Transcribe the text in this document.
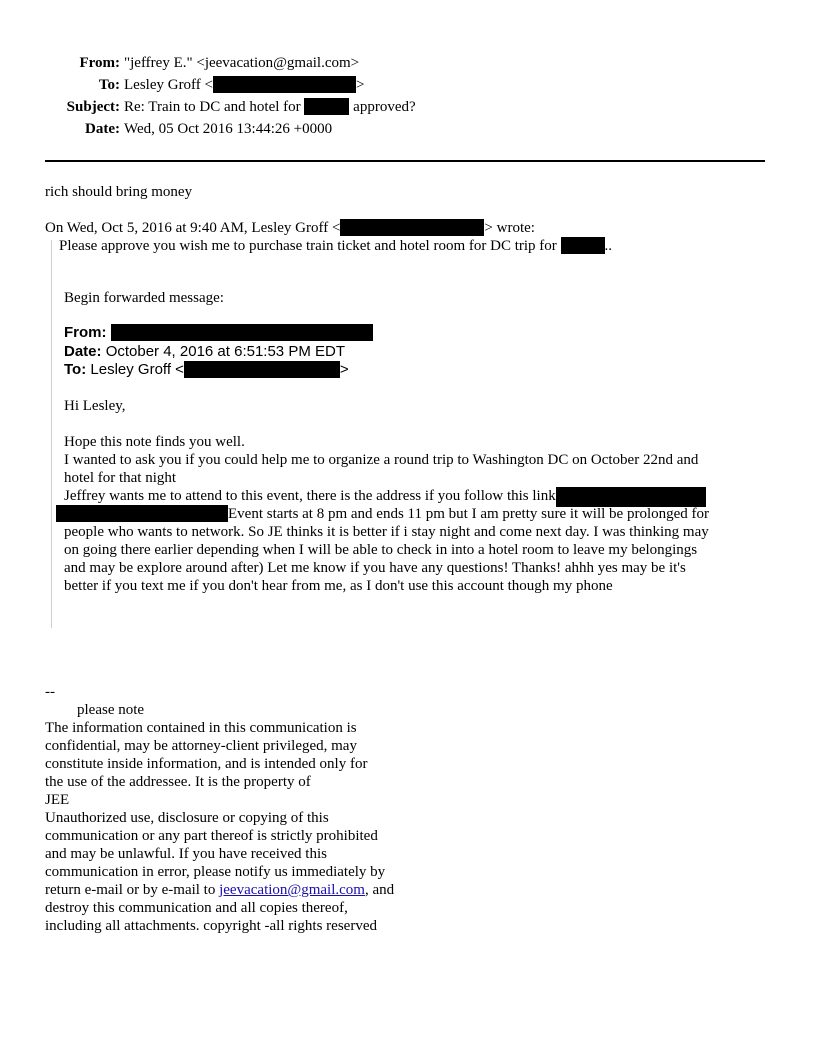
From: "jeffrey E." <jeevacation@gmail.com>
To: Lesley Groff <	>
Subject: Re: Train to DC and hotel for	approved?
Date: Wed, 05 Oct 2016 13:44:26 +0000
rich should bring money
On Wed, Oct 5, 2016 at 9:40 AM, Lesley Groff <	> wrote:
Please approve you wish me to purchase train ticket and hotel room for DC trip for	..
Begin forwarded message:
From:
Date: October 4, 2016 at 6:51:53 PM EDT
To: Lesley Groff <	>
Hi Lesley,
Hope this note finds you well.
I wanted to ask you if you could help me to organize a round trip to Washington DC on October 22nd and
hotel for that night
Jeffrey wants me to attend to this event, there is the address if you follow this link
Event starts at 8 pm and ends 11 pm but I am pretty sure it will be prolonged for
people who wants to network. So JE thinks it is better if i stay night and come next day. I was thinking may
on going there earlier depending when I will be able to check in into a hotel room to leave my belongings
and may be explore around after) Let me know if you have any questions! Thanks! ahhh yes may be it's
better if you text me if you don't hear from me, as I don't use this account though my phone
--
please note
The information contained in this communication is
confidential, may be attorney-client privileged, may
constitute inside information, and is intended only for
the use of the addressee. It is the property of
JEE
Unauthorized use, disclosure or copying of this
communication or any part thereof is strictly prohibited
and may be unlawful. If you have received this
communication in error, please notify us immediately by
return e-mail or by e-mail to jeevacation@gmail.com, and
destroy this communication and all copies thereof,
including all attachments. copyright -all rights reserved
